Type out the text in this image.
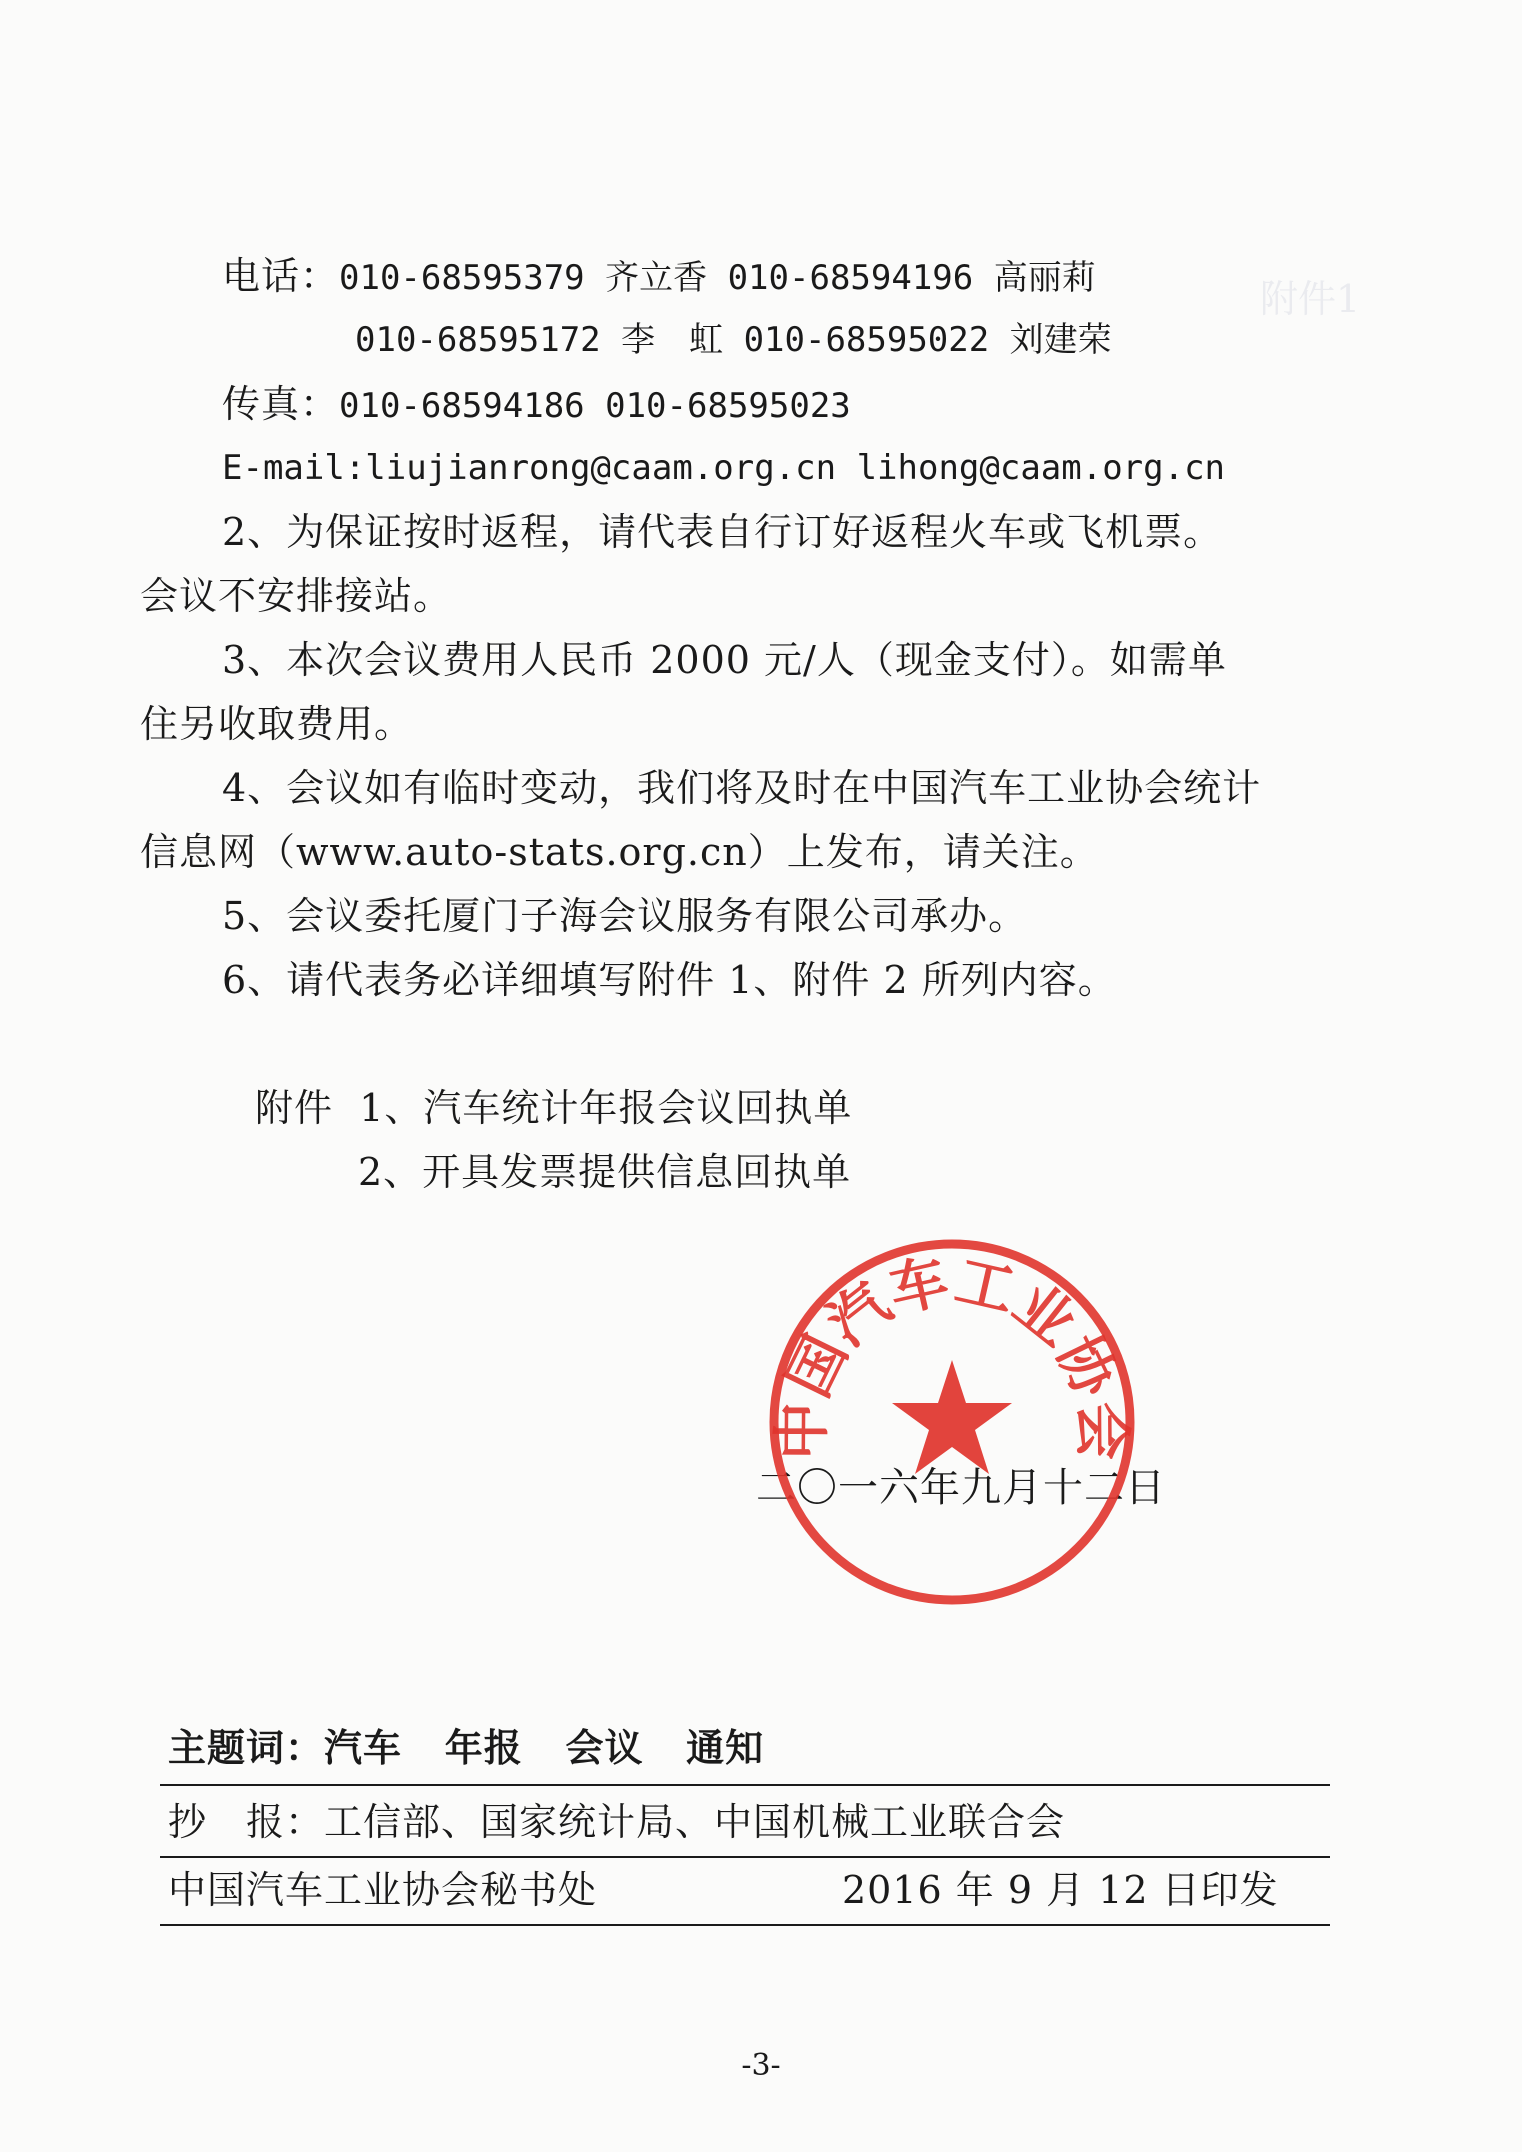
附件1
电话：010-68595379 齐立香 010-68594196 高丽莉
010-68595172 李　虹 010-68595022 刘建荣
传真：010-68594186 010-68595023
E-mail:liujianrong@caam.org.cn lihong@caam.org.cn
2、为保证按时返程，请代表自行订好返程火车或飞机票。
会议不安排接站。
3、本次会议费用人民币 2000 元/人（现金支付）。如需单
住另收取费用。
4、会议如有临时变动，我们将及时在中国汽车工业协会统计
信息网（www.auto-stats.org.cn）上发布，请关注。
5、会议委托厦门子海会议服务有限公司承办。
6、请代表务必详细填写附件 1、附件 2 所列内容。
附件 1、汽车统计年报会议回执单
2、开具发票提供信息回执单
二〇一六年九月十二日
中国汽车工业协会
主题词：汽车 年报 会议 通知
抄　报：工信部、国家统计局、中国机械工业联合会
中国汽车工业协会秘书处	2016 年 9 月 12 日印发
-3-
